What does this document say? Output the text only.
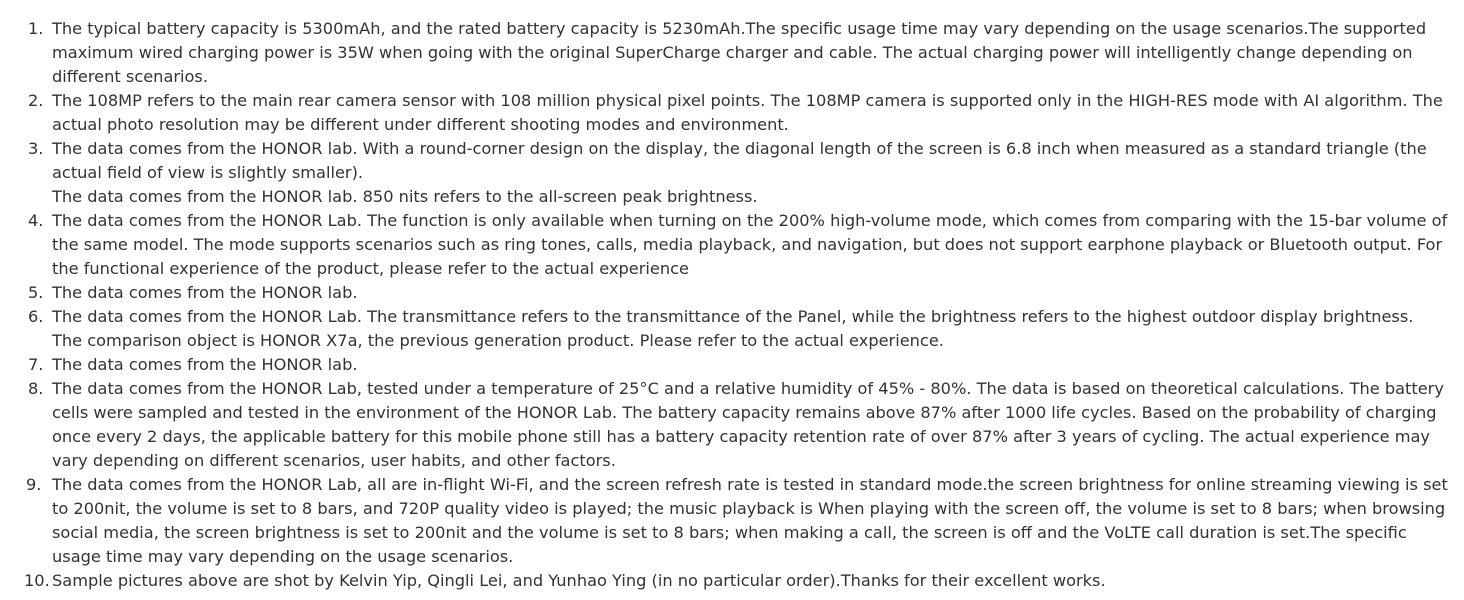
1. The typical battery capacity is 5300mAh, and the rated battery capacity is 5230mAh.The specific usage time may vary depending on the usage scenarios.The supported maximum wired charging power is 35W when going with the original SuperCharge charger and cable. The actual charging power will intelligently change depending on different scenarios.
2. The 108MP refers to the main rear camera sensor with 108 million physical pixel points. The 108MP camera is supported only in the HIGH-RES mode with AI algorithm. The actual photo resolution may be different under different shooting modes and environment.
3. The data comes from the HONOR lab. With a round-corner design on the display, the diagonal length of the screen is 6.8 inch when measured as a standard triangle (the actual field of view is slightly smaller).
The data comes from the HONOR lab. 850 nits refers to the all-screen peak brightness.
4. The data comes from the HONOR Lab. The function is only available when turning on the 200% high-volume mode, which comes from comparing with the 15-bar volume of the same model. The mode supports scenarios such as ring tones, calls, media playback, and navigation, but does not support earphone playback or Bluetooth output. For the functional experience of the product, please refer to the actual experience
5. The data comes from the HONOR lab.
6. The data comes from the HONOR Lab. The transmittance refers to the transmittance of the Panel, while the brightness refers to the highest outdoor display brightness. The comparison object is HONOR X7a, the previous generation product. Please refer to the actual experience.
7. The data comes from the HONOR lab.
8. The data comes from the HONOR Lab, tested under a temperature of 25°C and a relative humidity of 45% - 80%. The data is based on theoretical calculations. The battery cells were sampled and tested in the environment of the HONOR Lab. The battery capacity remains above 87% after 1000 life cycles. Based on the probability of charging once every 2 days, the applicable battery for this mobile phone still has a battery capacity retention rate of over 87% after 3 years of cycling. The actual experience may vary depending on different scenarios, user habits, and other factors.
9. The data comes from the HONOR Lab, all are in-flight Wi-Fi, and the screen refresh rate is tested in standard mode.the screen brightness for online streaming viewing is set to 200nit, the volume is set to 8 bars, and 720P quality video is played; the music playback is When playing with the screen off, the volume is set to 8 bars; when browsing social media, the screen brightness is set to 200nit and the volume is set to 8 bars; when making a call, the screen is off and the VoLTE call duration is set.The specific usage time may vary depending on the usage scenarios.
10. Sample pictures above are shot by Kelvin Yip, Qingli Lei, and Yunhao Ying (in no particular order).Thanks for their excellent works.
